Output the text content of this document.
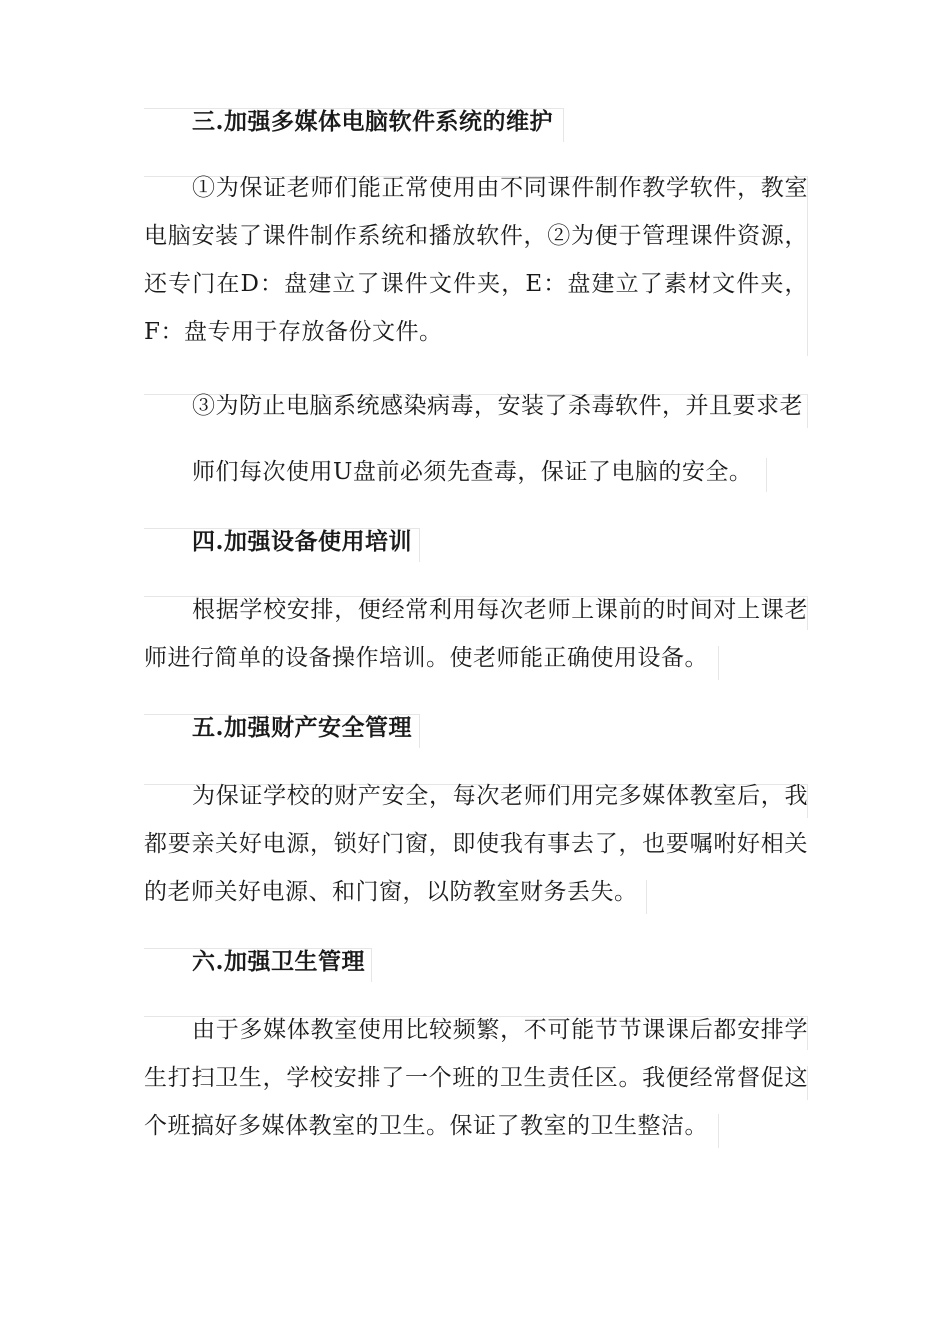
三.加强多媒体电脑软件系统的维护

①为保证老师们能正常使用由不同课件制作教学软件，教室电脑安装了课件制作系统和播放软件，②为便于管理课件资源，还专门在D：盘建立了课件文件夹，E：盘建立了素材文件夹，F：盘专用于存放备份文件。

③为防止电脑系统感染病毒，安装了杀毒软件，并且要求老

师们每次使用U盘前必须先查毒，保证了电脑的安全。

四.加强设备使用培训

根据学校安排，便经常利用每次老师上课前的时间对上课老师进行简单的设备操作培训。使老师能正确使用设备。

五.加强财产安全管理

为保证学校的财产安全，每次老师们用完多媒体教室后，我都要亲关好电源，锁好门窗，即使我有事去了，也要嘱咐好相关的老师关好电源、和门窗，以防教室财务丢失。

六.加强卫生管理

由于多媒体教室使用比较频繁，不可能节节课课后都安排学生打扫卫生，学校安排了一个班的卫生责任区。我便经常督促这个班搞好多媒体教室的卫生。保证了教室的卫生整洁。
